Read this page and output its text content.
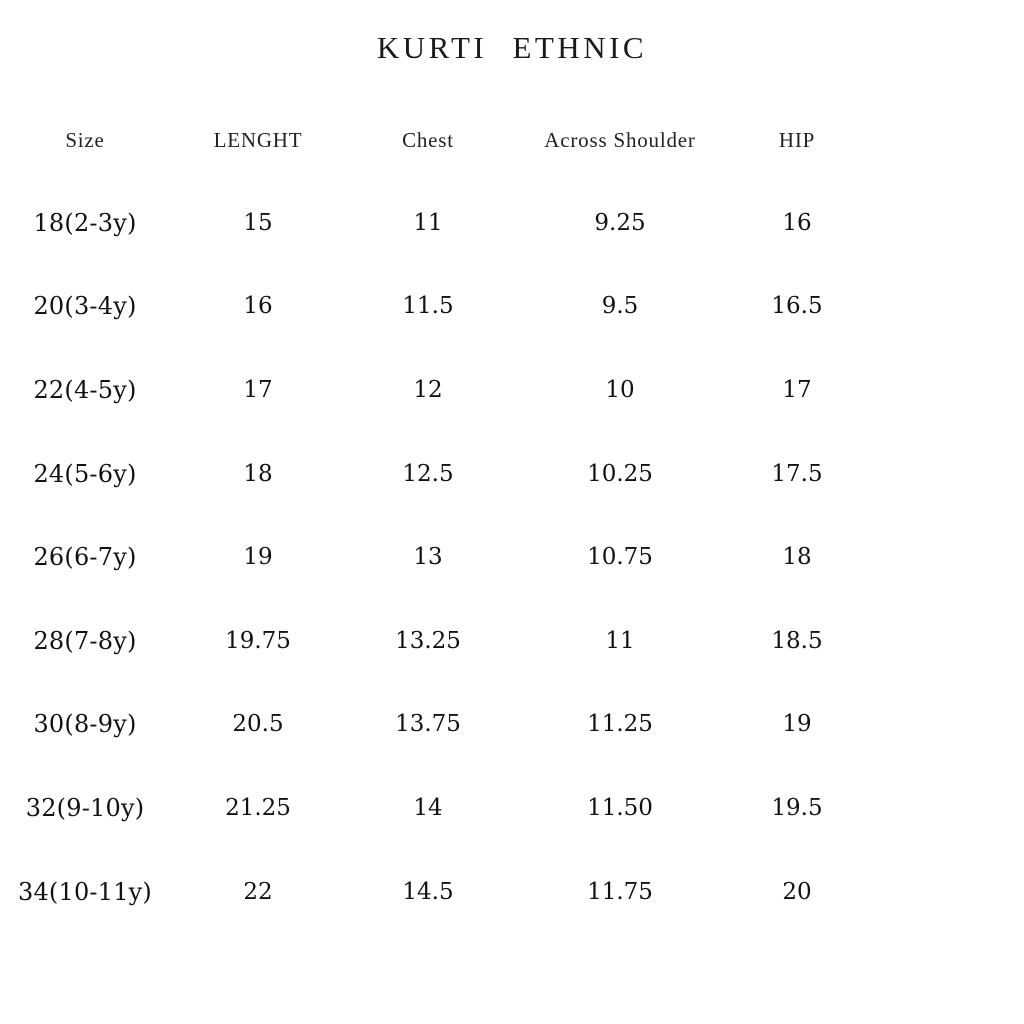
KURTI ETHNIC
Size	LENGHT	Chest	Across Shoulder	HIP
18(2-3y)	15	11	9.25	16
20(3-4y)	16	11.5	9.5	16.5
22(4-5y)	17	12	10	17
24(5-6y)	18	12.5	10.25	17.5
26(6-7y)	19	13	10.75	18
28(7-8y)	19.75	13.25	11	18.5
30(8-9y)	20.5	13.75	11.25	19
32(9-10y)	21.25	14	11.50	19.5
34(10-11y)	22	14.5	11.75	20
